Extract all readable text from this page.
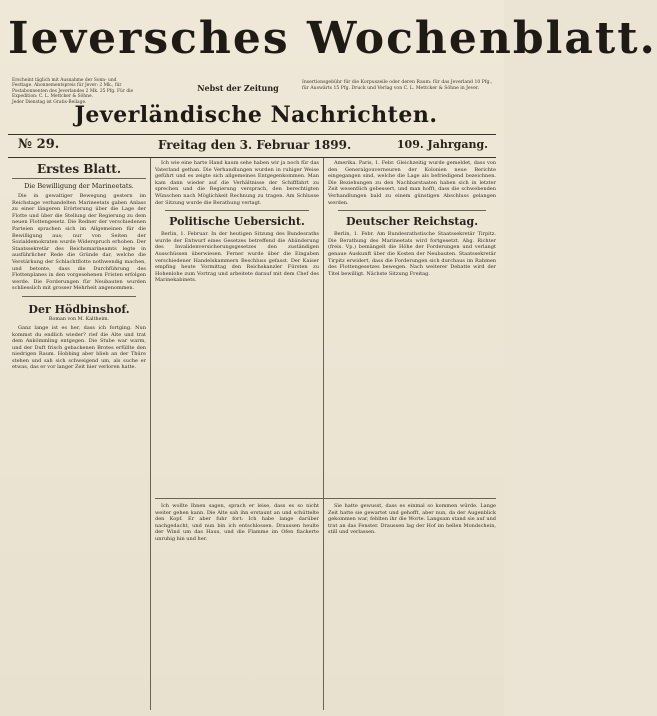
Ieversches Wochenblatt.
Erscheint täglich mit Ausnahme der Sonn- und Festtage. Abonnementspreis für Jever: 2 Mk., für Postabonnenten des Jeverlandes 2 Mk. 25 Pfg. Für die Expedition: C. L. Mettcker & Söhne.
Jeder Dienstag ist Gratis-Beilage.
Nebst der Zeitung
Insertionsgebühr für die Korpuszeile oder deren Raum: für das Jeverland 10 Pfg., für Auswärts 15 Pfg. Druck und Verlag von C. L. Mettcker & Söhne in Jever.
Jeverländische Nachrichten.
№ 29.	Freitag den 3. Februar 1899.	109. Jahrgang.
Erstes Blatt.
Die Bewilligung der Marineetats.

Die in gewaltiger Bewegung gestern im Reichstage verhandelten Marineetats gaben Anlass zu einer längeren Erörterung über die Lage der Flotte und über die Stellung der Regierung zu dem neuen Flottengesetz. Die Redner der verschiedenen Parteien sprachen sich im Allgemeinen für die Bewilligung aus; nur von Seiten der Sozialdemokraten wurde Widerspruch erhoben. Der Staatssekretär des Reichsmarineamts legte in ausführlicher Rede die Gründe dar, welche die Verstärkung der Schlachtflotte nothwendig machen, und betonte, dass die Durchführung des Flottenplanes in den vorgesehenen Fristen erfolgen werde. Die Forderungen für Neubauten wurden schliesslich mit grosser Mehrheit angenommen.

Der Hödbinshof.
Roman von M. Kaltheim.

Ganz lange ist es her, dass ich fortging. Nun kommst du endlich wieder? rief die Alte und trat dem Ankömmling entgegen. Die Stube war warm, und der Duft frisch gebackenen Brotes erfüllte den niedrigen Raum. Hobbing aber blieb an der Thüre stehen und sah sich schweigend um, als suche er etwas, das er vor langer Zeit hier verloren hatte.

Ich wie eine harte Hand kaum sehe haben wir ja noch für das Vaterland gethan. Die Verhandlungen wurden in ruhiger Weise geführt und es zeigte sich allgemeines Entgegenkommen. Man kam dann wieder auf die Verhältnisse der Schifffahrt zu sprechen und die Regierung versprach, den berechtigten Wünschen nach Möglichkeit Rechnung zu tragen. Am Schlusse der Sitzung wurde die Berathung vertagt.

Politische Uebersicht.

Berlin, 1. Februar. In der heutigen Sitzung des Bundesraths wurde der Entwurf eines Gesetzes betreffend die Abänderung des Invalidenversicherungsgesetzes den zuständigen Ausschüssen überwiesen. Ferner wurde über die Eingaben verschiedener Handelskammern Beschluss gefasst. Der Kaiser empfing heute Vormittag den Reichskanzler Fürsten zu Hohenlohe zum Vortrag und arbeitete darauf mit dem Chef des Marinekabinets.

Amerika. Paris, 1. Febr. Gleichzeitig wurde gemeldet, dass von den Generalgouverneuren der Kolonien neue Berichte eingegangen sind, welche die Lage als befriedigend bezeichnen. Die Beziehungen zu den Nachbarstaaten haben sich in letzter Zeit wesentlich gebessert, und man hofft, dass die schwebenden Verhandlungen bald zu einem günstigen Abschluss gelangen werden.

Deutscher Reichstag.

Berlin, 1. Febr. Am Bundesrathstische Staatssekretär Tirpitz. Die Berathung des Marineetats wird fortgesetzt. Abg. Richter (freis. Vp.) bemängelt die Höhe der Forderungen und verlangt genaue Auskunft über die Kosten der Neubauten. Staatssekretär Tirpitz erwidert, dass die Forderungen sich durchaus im Rahmen des Flottengesetzes bewegen. Nach weiterer Debatte wird der Titel bewilligt. Nächste Sitzung Freitag.

Ich wollte Ihnen sagen, sprach er leise, dass es so nicht weiter gehen kann. Die Alte sah ihn erstaunt an und schüttelte den Kopf. Er aber fuhr fort: Ich habe lange darüber nachgedacht, und nun bin ich entschlossen. Draussen heulte der Wind um das Haus, und die Flamme im Ofen flackerte unruhig hin und her.

Sie hatte gewusst, dass es einmal so kommen würde. Lange Zeit hatte sie gewartet und gehofft, aber nun, da der Augenblick gekommen war, fehlten ihr die Worte. Langsam stand sie auf und trat an das Fenster. Draussen lag der Hof im hellen Mondschein, still und verlassen.
